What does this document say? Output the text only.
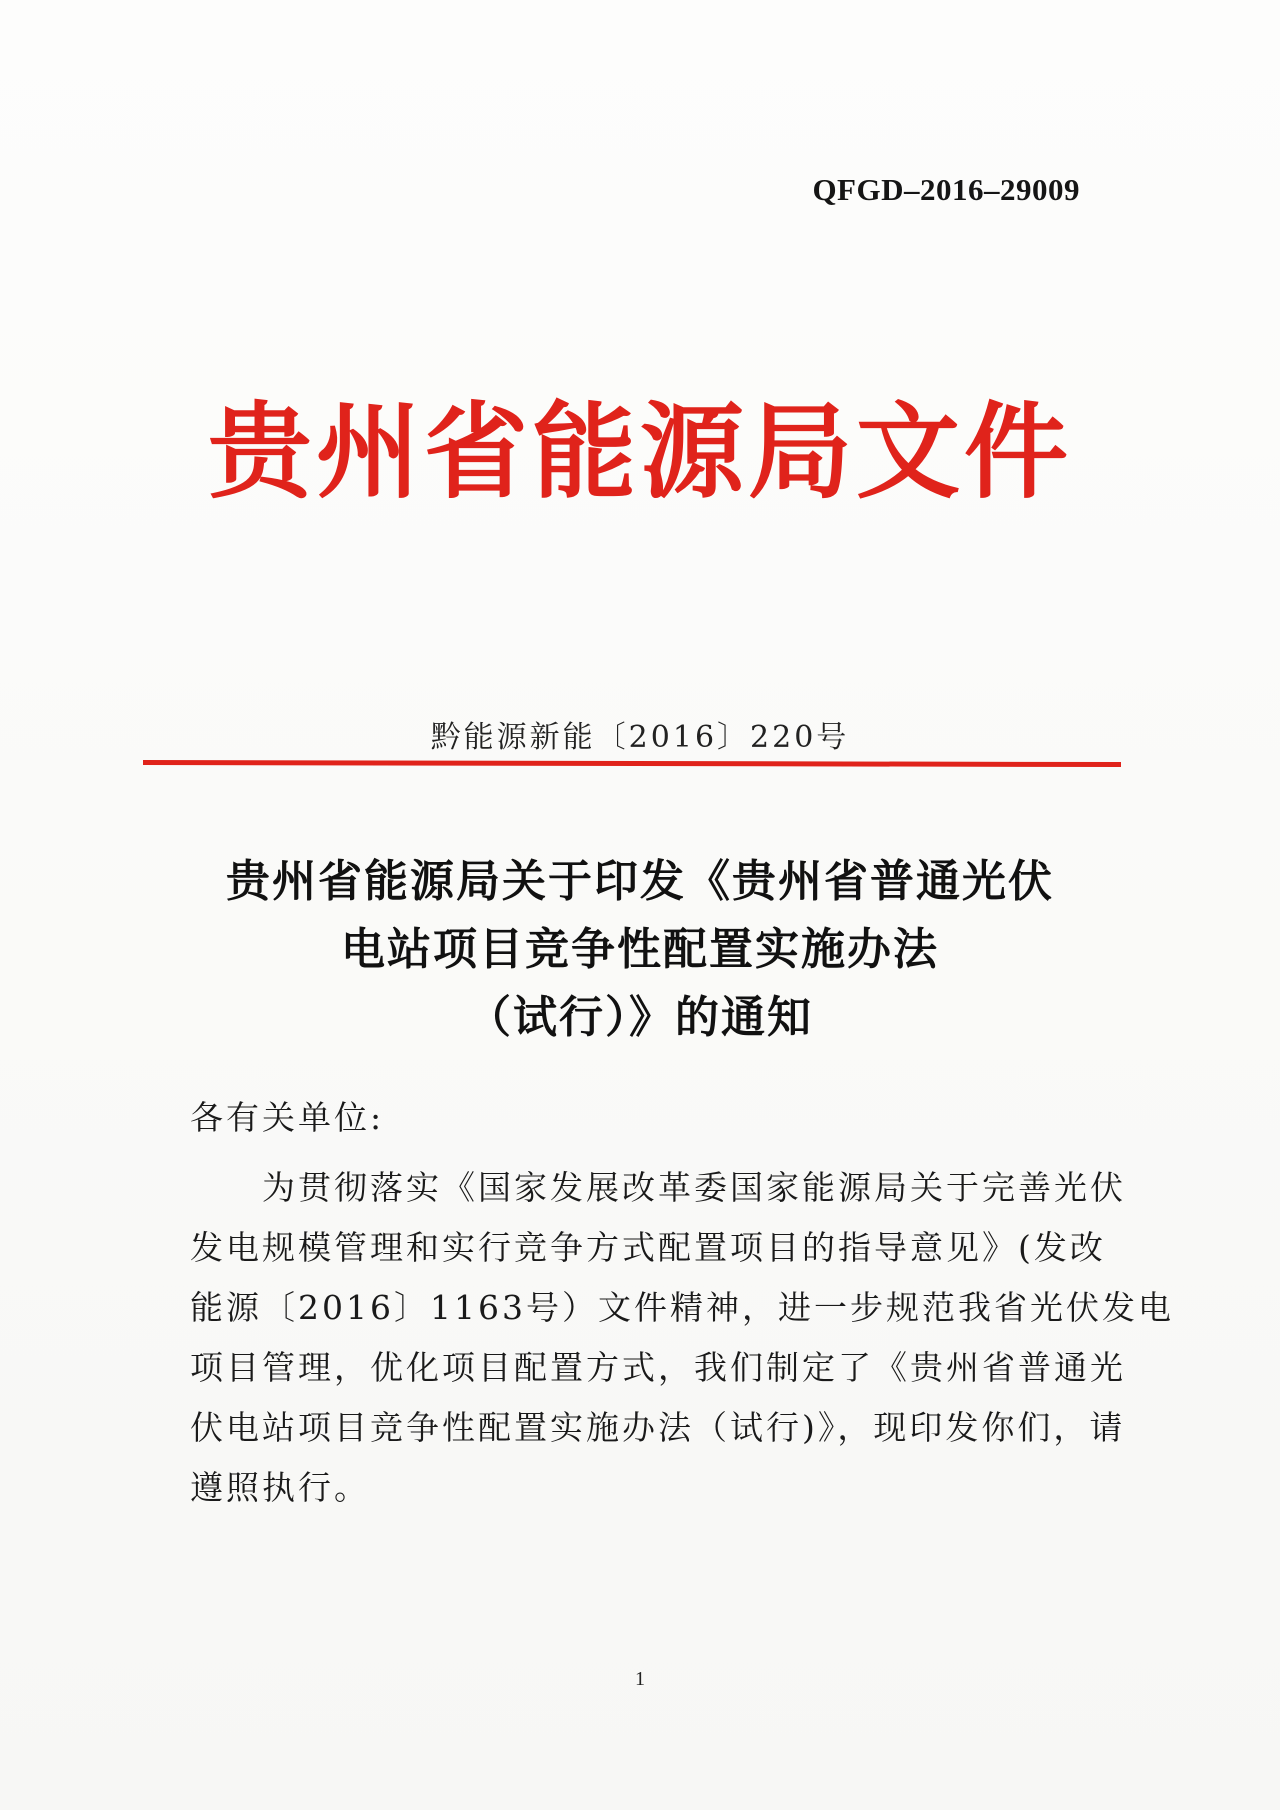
QFGD–2016–29009
贵州省能源局文件
黔能源新能〔2016〕220号
贵州省能源局关于印发《贵州省普通光伏
电站项目竞争性配置实施办法
（试行）》的通知
各有关单位:
　　为贯彻落实《国家发展改革委国家能源局关于完善光伏
发电规模管理和实行竞争方式配置项目的指导意见》(发改
能源〔2016〕1163号）文件精神，进一步规范我省光伏发电
项目管理，优化项目配置方式，我们制定了《贵州省普通光
伏电站项目竞争性配置实施办法（试行)》，现印发你们，请
遵照执行。
1
